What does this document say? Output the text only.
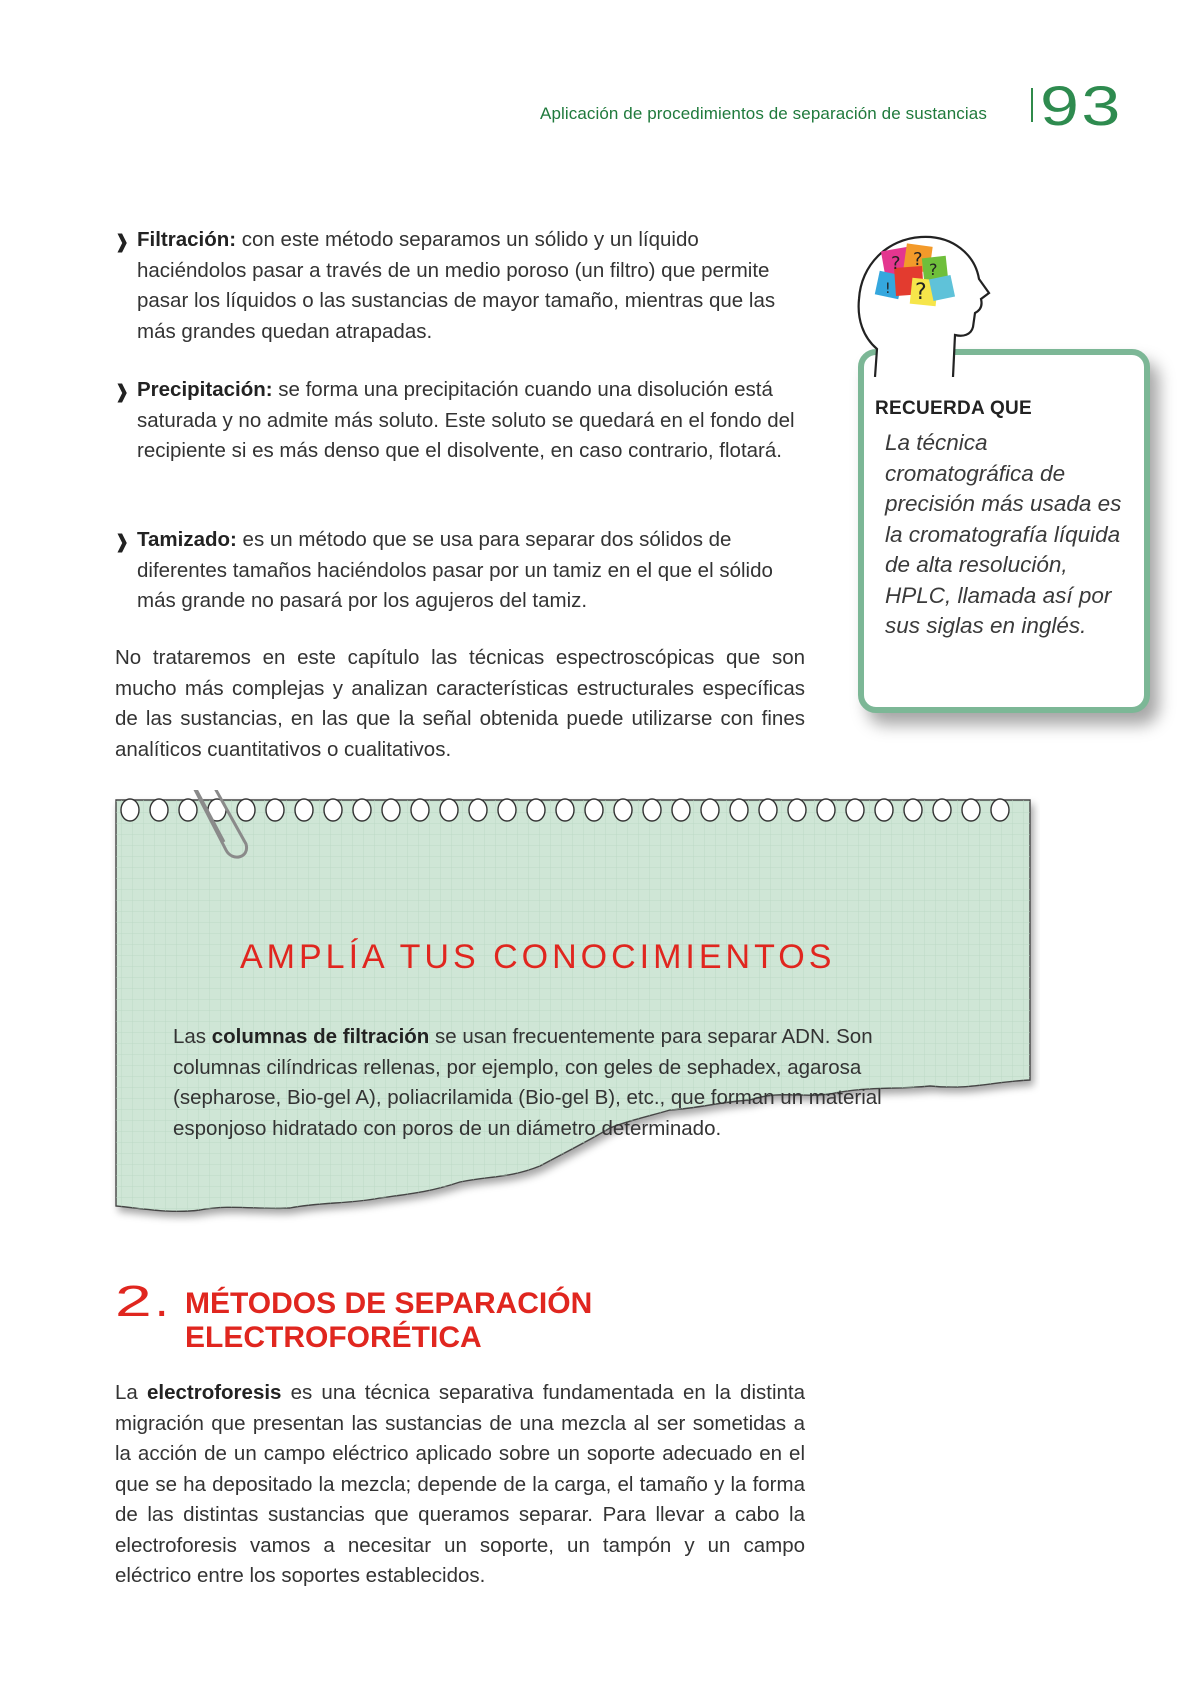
Aplicación de procedimientos de separación de sustancias 93
❱ Filtración: con este método separamos un sólido y un líquido haciéndolos pasar a través de un medio poroso (un filtro) que permite pasar los líquidos o las sustancias de mayor tamaño, mientras que las más grandes quedan atrapadas.
❱ Precipitación: se forma una precipitación cuando una disolución está saturada y no admite más soluto. Este soluto se quedará en el fondo del recipiente si es más denso que el disolvente, en caso contrario, flotará.
❱ Tamizado: es un método que se usa para separar dos sólidos de diferentes tamaños haciéndolos pasar por un tamiz en el que el sólido más grande no pasará por los agujeros del tamiz.
No trataremos en este capítulo las técnicas espectroscópicas que son mucho más complejas y analizan características estructurales específicas de las sustancias, en las que la señal obtenida puede utilizarse con fines analíticos cuantitativos o cualitativos.
? ? ?
?
!
RECUERDA QUE
La técnica cromatográfica de precisión más usada es la cromatografía líquida de alta resolución, HPLC, llamada así por sus siglas en inglés.
AMPLÍA TUS CONOCIMIENTOS
Las columnas de filtración se usan frecuentemente para separar ADN. Son columnas cilíndricas rellenas, por ejemplo, con geles de sephadex, agarosa (sepharose, Bio-gel A), poliacrilamida (Bio-gel B), etc., que forman un material esponjoso hidratado con poros de un diámetro determinado.
2 . MÉTODOS DE SEPARACIÓN
ELECTROFORÉTICA
La electroforesis es una técnica separativa fundamentada en la distinta migración que presentan las sustancias de una mezcla al ser sometidas a la acción de un campo eléctrico aplicado sobre un soporte adecuado en el que se ha depositado la mezcla; depende de la carga, el tamaño y la forma de las distintas sustancias que queramos separar. Para llevar a cabo la electroforesis vamos a necesitar un soporte, un tampón y un campo eléctrico entre los soportes establecidos.
